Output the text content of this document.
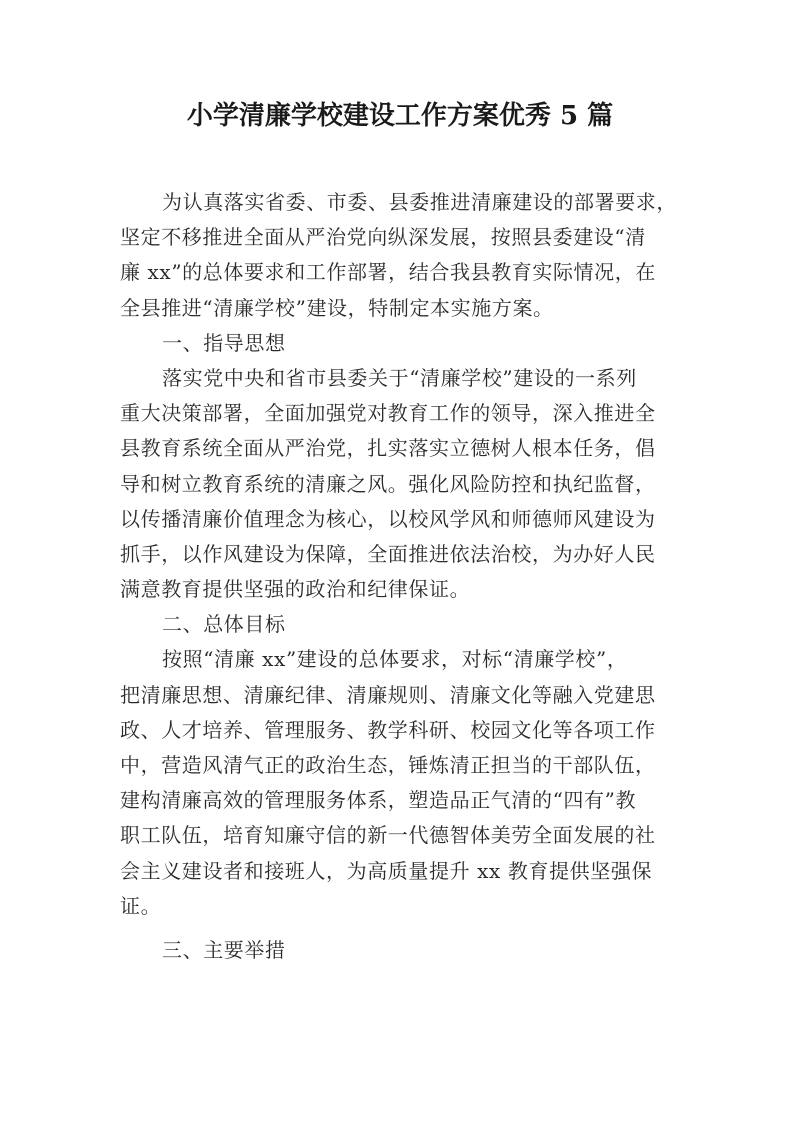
小学清廉学校建设工作方案优秀 5 篇
为认真落实省委、市委、县委推进清廉建设的部署要求，
坚定不移推进全面从严治党向纵深发展，按照县委建设“清
廉 xx”的总体要求和工作部署，结合我县教育实际情况，在
全县推进“清廉学校”建设，特制定本实施方案。
一、指导思想
落实党中央和省市县委关于“清廉学校”建设的一系列
重大决策部署，全面加强党对教育工作的领导，深入推进全
县教育系统全面从严治党，扎实落实立德树人根本任务，倡
导和树立教育系统的清廉之风。强化风险防控和执纪监督，
以传播清廉价值理念为核心，以校风学风和师德师风建设为
抓手，以作风建设为保障，全面推进依法治校，为办好人民
满意教育提供坚强的政治和纪律保证。
二、总体目标
按照“清廉 xx”建设的总体要求，对标“清廉学校”，
把清廉思想、清廉纪律、清廉规则、清廉文化等融入党建思
政、人才培养、管理服务、教学科研、校园文化等各项工作
中，营造风清气正的政治生态，锤炼清正担当的干部队伍，
建构清廉高效的管理服务体系，塑造品正气清的“四有”教
职工队伍，培育知廉守信的新一代德智体美劳全面发展的社
会主义建设者和接班人，为高质量提升 xx 教育提供坚强保
证。
三、主要举措
